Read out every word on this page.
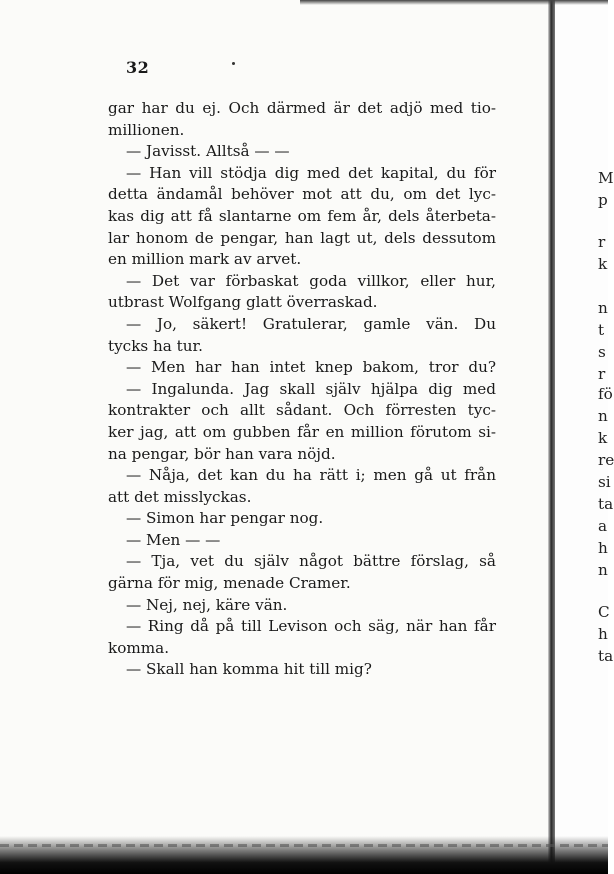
32
gar har du ej. Och därmed är det adjö med tio-
millionen.
— Javisst. Alltså — —
— Han vill stödja dig med det kapital, du för
detta ändamål behöver mot att du, om det lyc-
kas dig att få slantarne om fem år, dels återbeta-
lar honom de pengar, han lagt ut, dels dessutom
en million mark av arvet.
— Det var förbaskat goda villkor, eller hur,
utbrast Wolfgang glatt överraskad.
— Jo, säkert! Gratulerar, gamle vän. Du
tycks ha tur.
— Men har han intet knep bakom, tror du?
— Ingalunda. Jag skall själv hjälpa dig med
kontrakter och allt sådant. Och förresten tyc-
ker jag, att om gubben får en million förutom si-
na pengar, bör han vara nöjd.
— Nåja, det kan du ha rätt i; men gå ut från
att det misslyckas.
— Simon har pengar nog.
— Men — —
— Tja, vet du själv något bättre förslag, så
gärna för mig, menade Cramer.
— Nej, nej, käre vän.
— Ring då på till Levison och säg, när han får
komma.
— Skall han komma hit till mig?
M
p
r
k
n
t
s
r
fö
n
k
re
si
ta
a
h
n
C
h
ta
